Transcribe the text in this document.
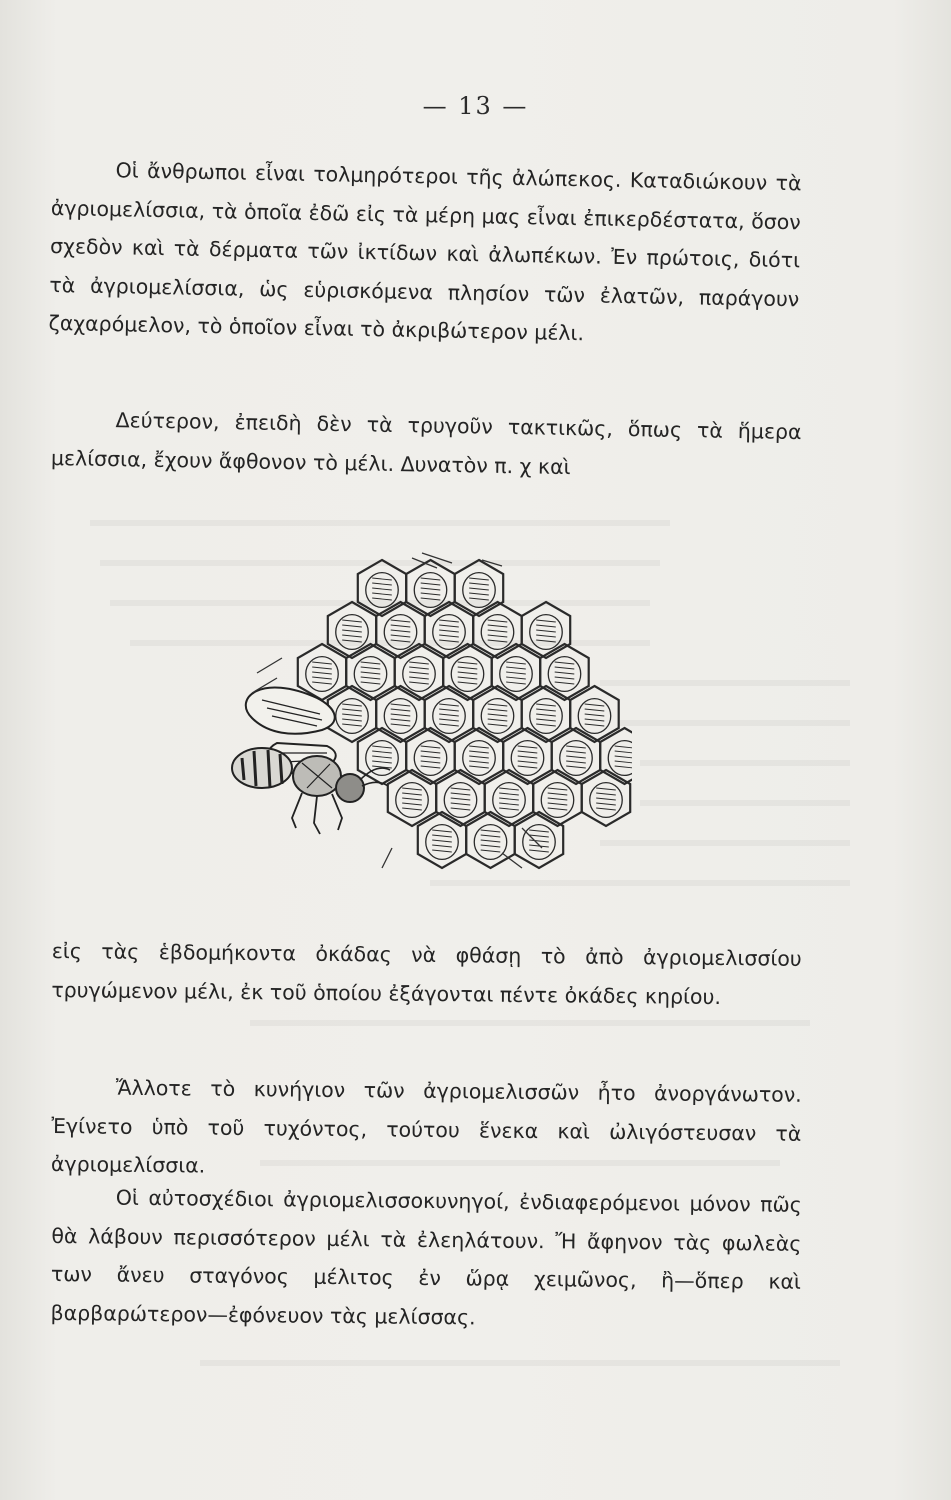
— 13 —

Οἱ ἄνθρωποι εἶναι τολμηρότεροι τῆς ἀλώπεκος. Καταδιώκουν τὰ ἀγριομελίσσια, τὰ ὁποῖα ἐδῶ εἰς τὰ μέρη μας εἶναι ἐπικερδέστατα, ὅσον σχεδὸν καὶ τὰ δέρματα τῶν ἰκτίδων καὶ ἀλωπέκων. Ἐν πρώτοις, διότι τὰ ἀγριομελίσσια, ὡς εὑρισκόμενα πλησίον τῶν ἐλατῶν, παράγουν ζαχαρόμελον, τὸ ὁποῖον εἶναι τὸ ἀκριβώτερον μέλι.

Δεύτερον, ἐπειδὴ δὲν τὰ τρυγοῦν τακτικῶς, ὅπως τὰ ἥμερα μελίσσια, ἔχουν ἄφθονον τὸ μέλι. Δυνατὸν π. χ καὶ

εἰς τὰς ἑβδομήκοντα ὀκάδας νὰ φθάσῃ τὸ ἀπὸ ἀγριομελισσίου τρυγώμενον μέλι, ἐκ τοῦ ὁποίου ἐξάγονται πέντε ὀκάδες κηρίου.

Ἄλλοτε τὸ κυνήγιον τῶν ἀγριομελισσῶν ἦτο ἀνοργάνωτον. Ἐγίνετο ὑπὸ τοῦ τυχόντος, τούτου ἕνεκα καὶ ὠλιγόστευσαν τὰ ἀγριομελίσσια.

Οἱ αὐτοσχέδιοι ἀγριομελισσοκυνηγοί, ἐνδιαφερόμενοι μόνον πῶς θὰ λάβουν περισσότερον μέλι τὰ ἐλεηλάτουν. Ἤ ἄφηνον τὰς φωλεὰς των ἄνευ σταγόνος μέλιτος ἐν ὥρᾳ χειμῶνος, ἢ—ὅπερ καὶ βαρβαρώτερον—ἐφόνευον τὰς μελίσσας.
